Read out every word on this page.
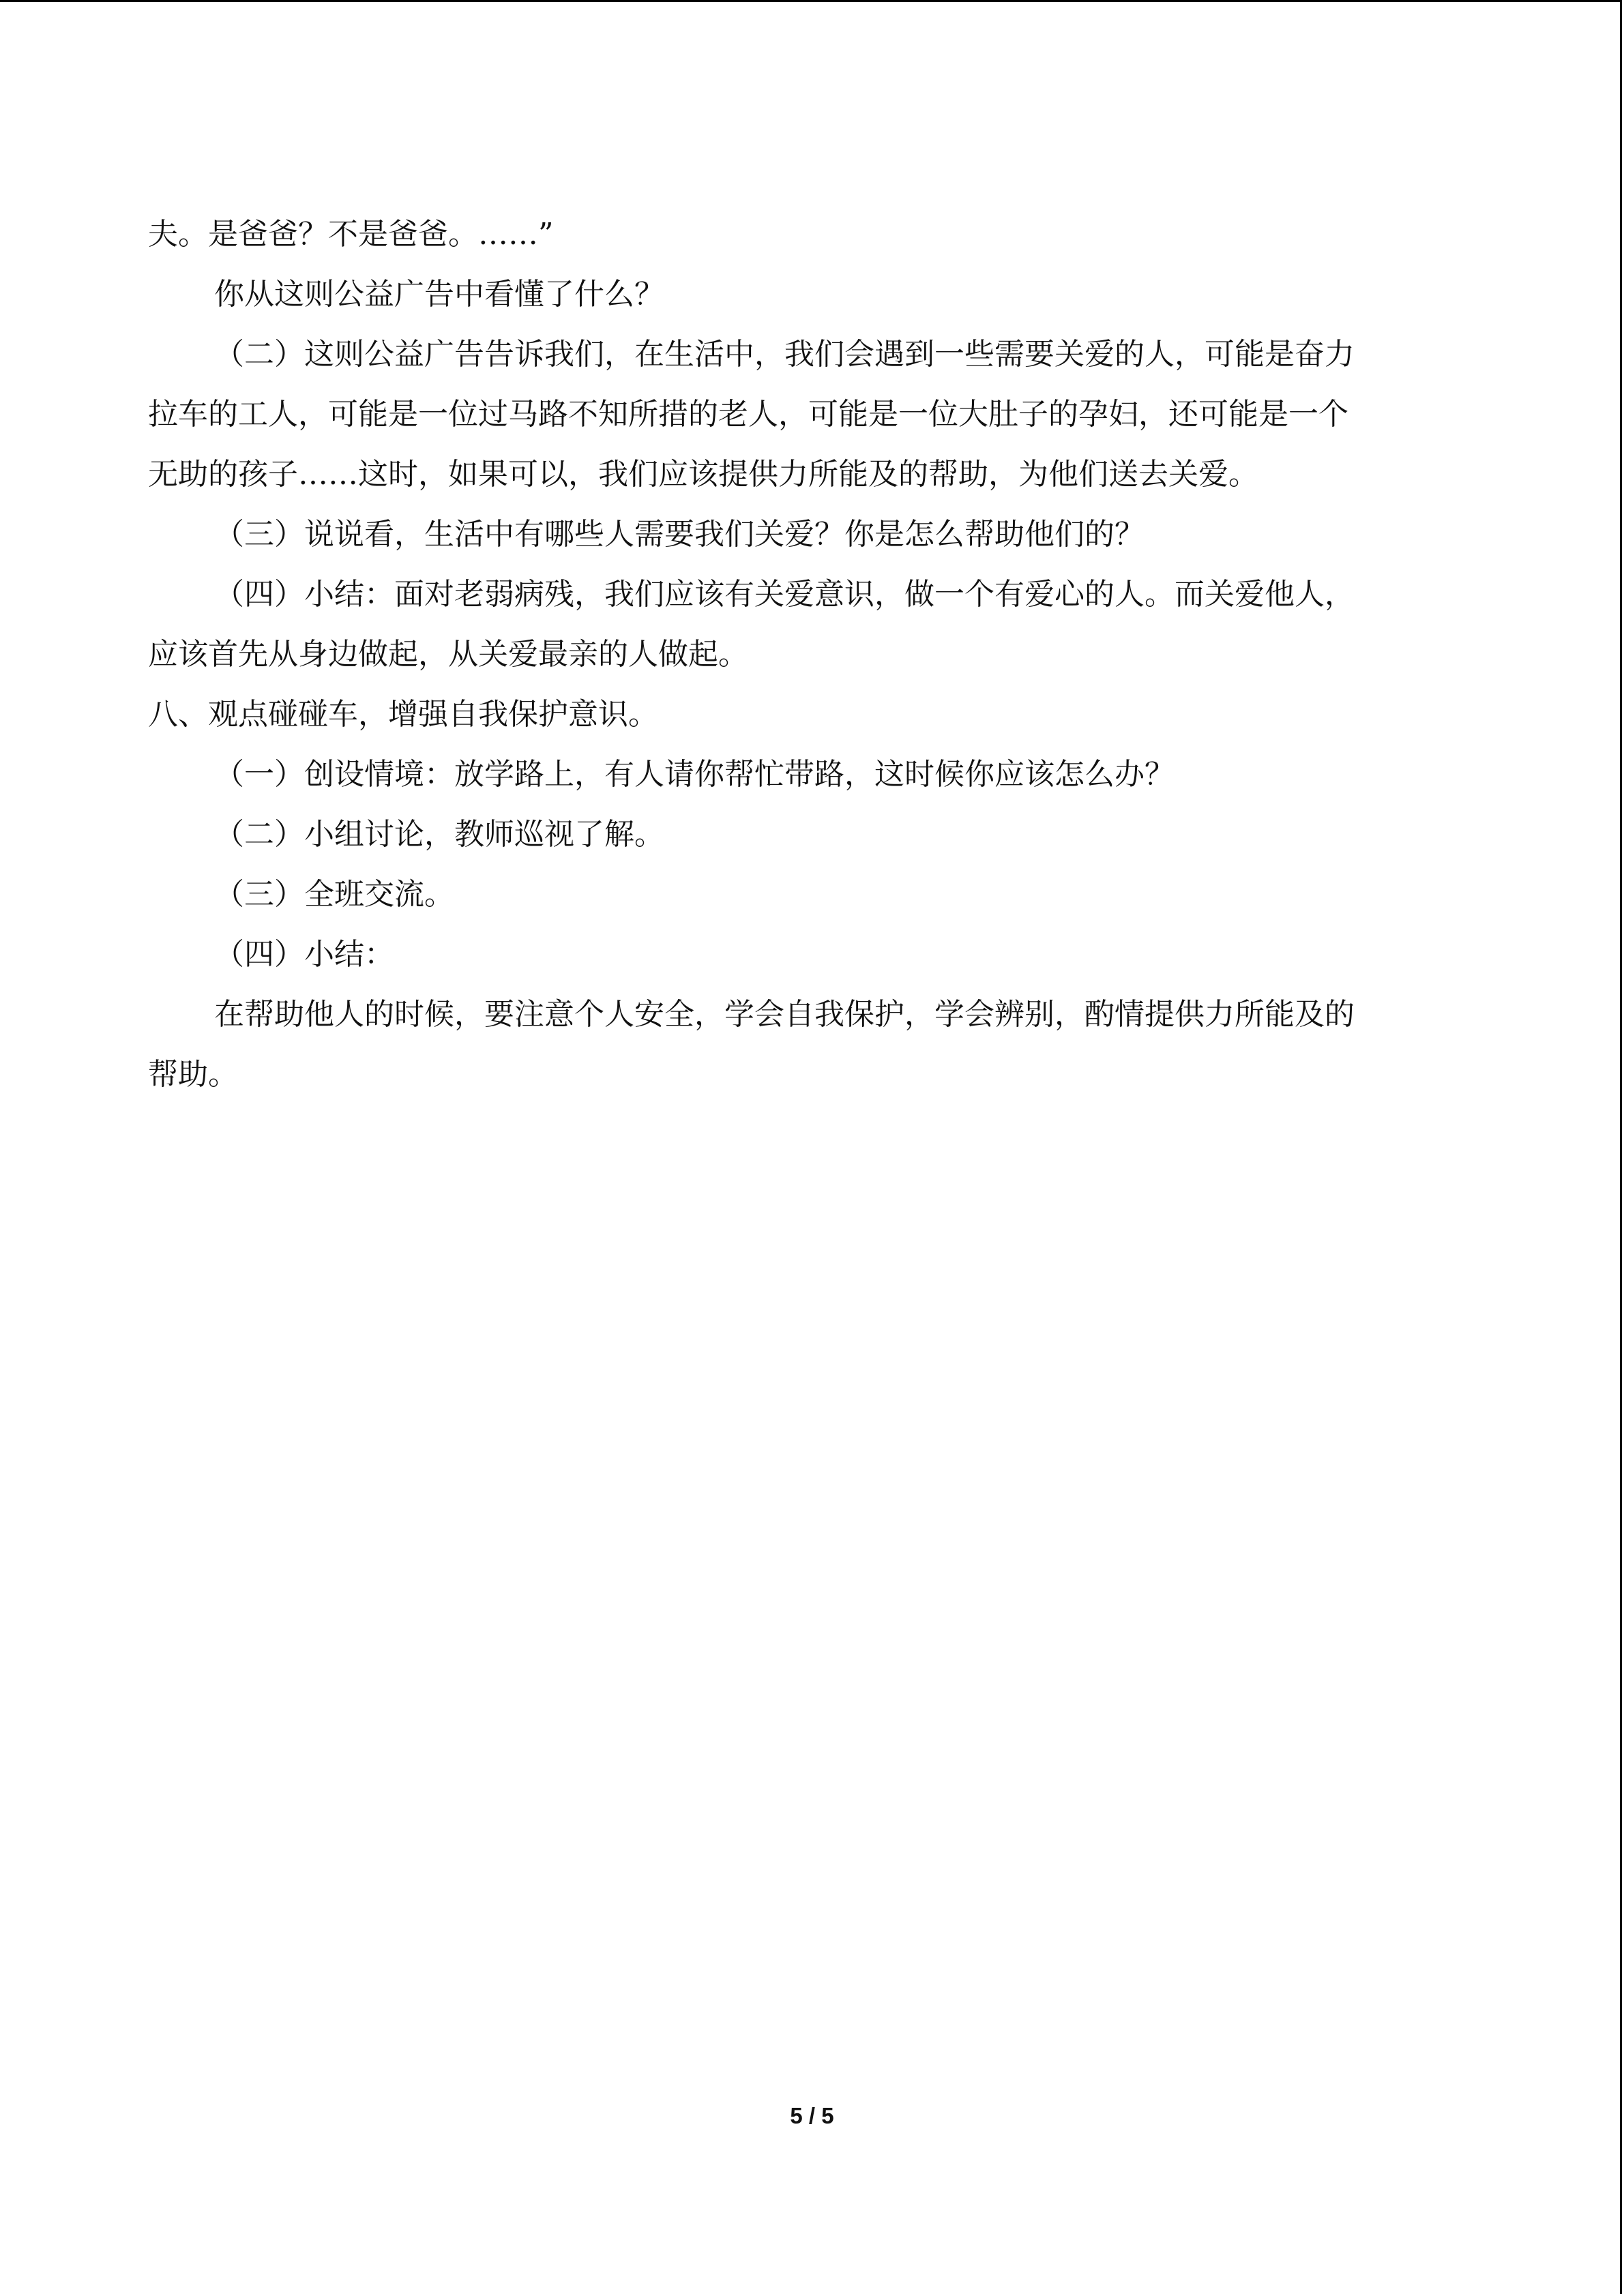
夫。是爸爸？不是爸爸。……”
你从这则公益广告中看懂了什么？
（二）这则公益广告告诉我们，在生活中，我们会遇到一些需要关爱的人，可能是奋力
拉车的工人，可能是一位过马路不知所措的老人，可能是一位大肚子的孕妇，还可能是一个
无助的孩子……这时，如果可以，我们应该提供力所能及的帮助，为他们送去关爱。
（三）说说看，生活中有哪些人需要我们关爱？你是怎么帮助他们的？
（四）小结：面对老弱病残，我们应该有关爱意识，做一个有爱心的人。而关爱他人，
应该首先从身边做起，从关爱最亲的人做起。
八、观点碰碰车，增强自我保护意识。
（一）创设情境：放学路上，有人请你帮忙带路，这时候你应该怎么办？
（二）小组讨论，教师巡视了解。
（三）全班交流。
（四）小结：
在帮助他人的时候，要注意个人安全，学会自我保护，学会辨别，酌情提供力所能及的
帮助。
5 / 5
